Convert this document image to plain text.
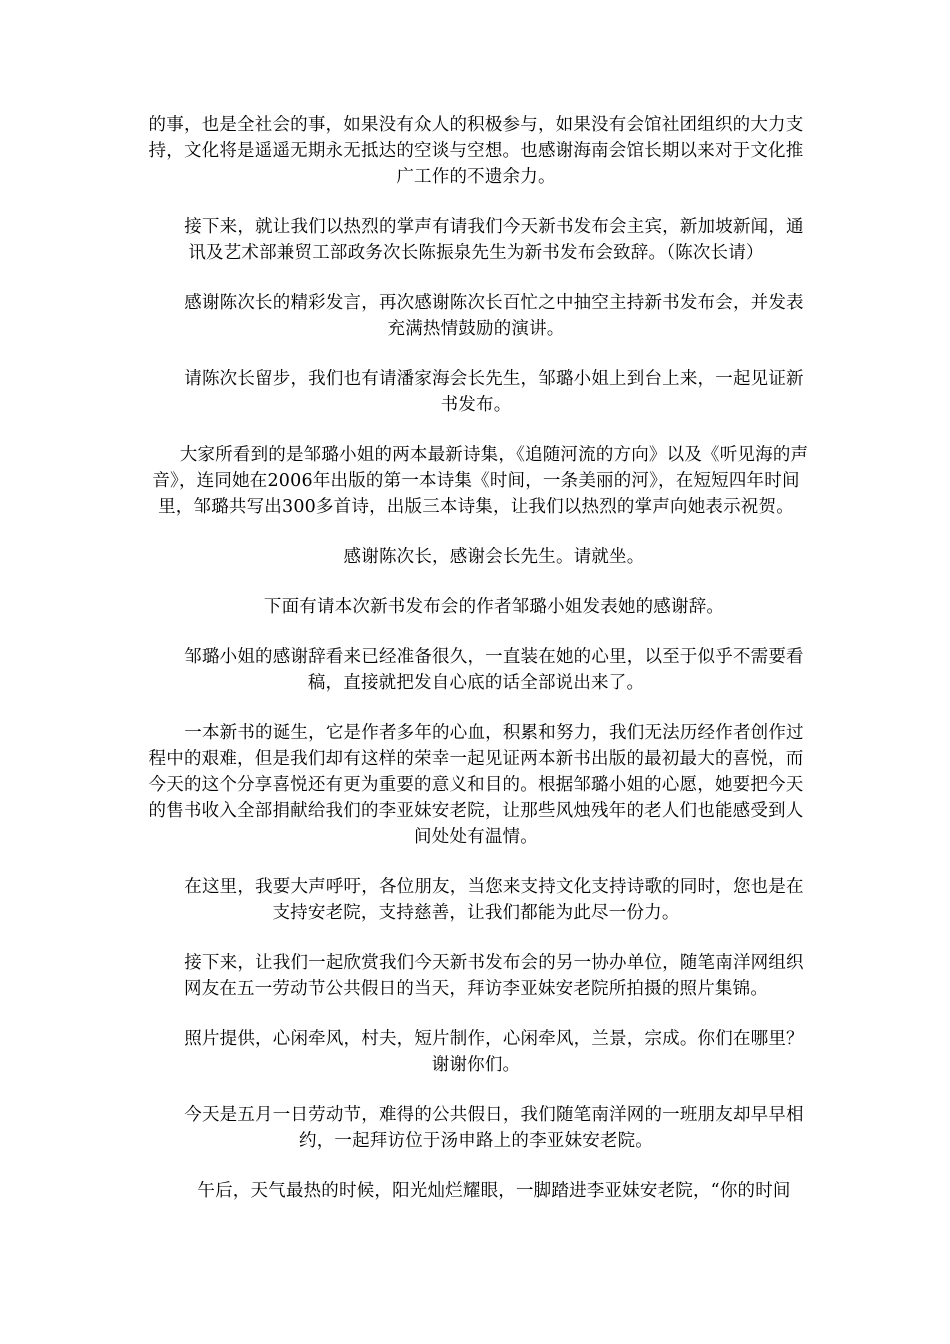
的事，也是全社会的事，如果没有众人的积极参与，如果没有会馆社团组织的大力支持，文化将是遥遥无期永无抵达的空谈与空想。也感谢海南会馆长期以来对于文化推广工作的不遗余力。

接下来，就让我们以热烈的掌声有请我们今天新书发布会主宾，新加坡新闻，通讯及艺术部兼贸工部政务次长陈振泉先生为新书发布会致辞。（陈次长请）

感谢陈次长的精彩发言，再次感谢陈次长百忙之中抽空主持新书发布会，并发表充满热情鼓励的演讲。

请陈次长留步，我们也有请潘家海会长先生，邹璐小姐上到台上来，一起见证新书发布。

大家所看到的是邹璐小姐的两本最新诗集，《追随河流的方向》以及《听见海的声音》，连同她在2006年出版的第一本诗集《时间，一条美丽的河》，在短短四年时间里，邹璐共写出300多首诗，出版三本诗集，让我们以热烈的掌声向她表示祝贺。

感谢陈次长，感谢会长先生。请就坐。

下面有请本次新书发布会的作者邹璐小姐发表她的感谢辞。

邹璐小姐的感谢辞看来已经准备很久，一直装在她的心里，以至于似乎不需要看稿，直接就把发自心底的话全部说出来了。

一本新书的诞生，它是作者多年的心血，积累和努力，我们无法历经作者创作过程中的艰难，但是我们却有这样的荣幸一起见证两本新书出版的最初最大的喜悦，而今天的这个分享喜悦还有更为重要的意义和目的。根据邹璐小姐的心愿，她要把今天的售书收入全部捐献给我们的李亚妹安老院，让那些风烛残年的老人们也能感受到人间处处有温情。

在这里，我要大声呼吁，各位朋友，当您来支持文化支持诗歌的同时，您也是在支持安老院，支持慈善，让我们都能为此尽一份力。

接下来，让我们一起欣赏我们今天新书发布会的另一协办单位，随笔南洋网组织网友在五一劳动节公共假日的当天，拜访李亚妹安老院所拍摄的照片集锦。

照片提供，心闲牵风，村夫，短片制作，心闲牵风，兰景，宗成。你们在哪里？谢谢你们。

今天是五月一日劳动节，难得的公共假日，我们随笔南洋网的一班朋友却早早相约，一起拜访位于汤申路上的李亚妹安老院。

午后，天气最热的时候，阳光灿烂耀眼，一脚踏进李亚妹安老院，“你的时间
